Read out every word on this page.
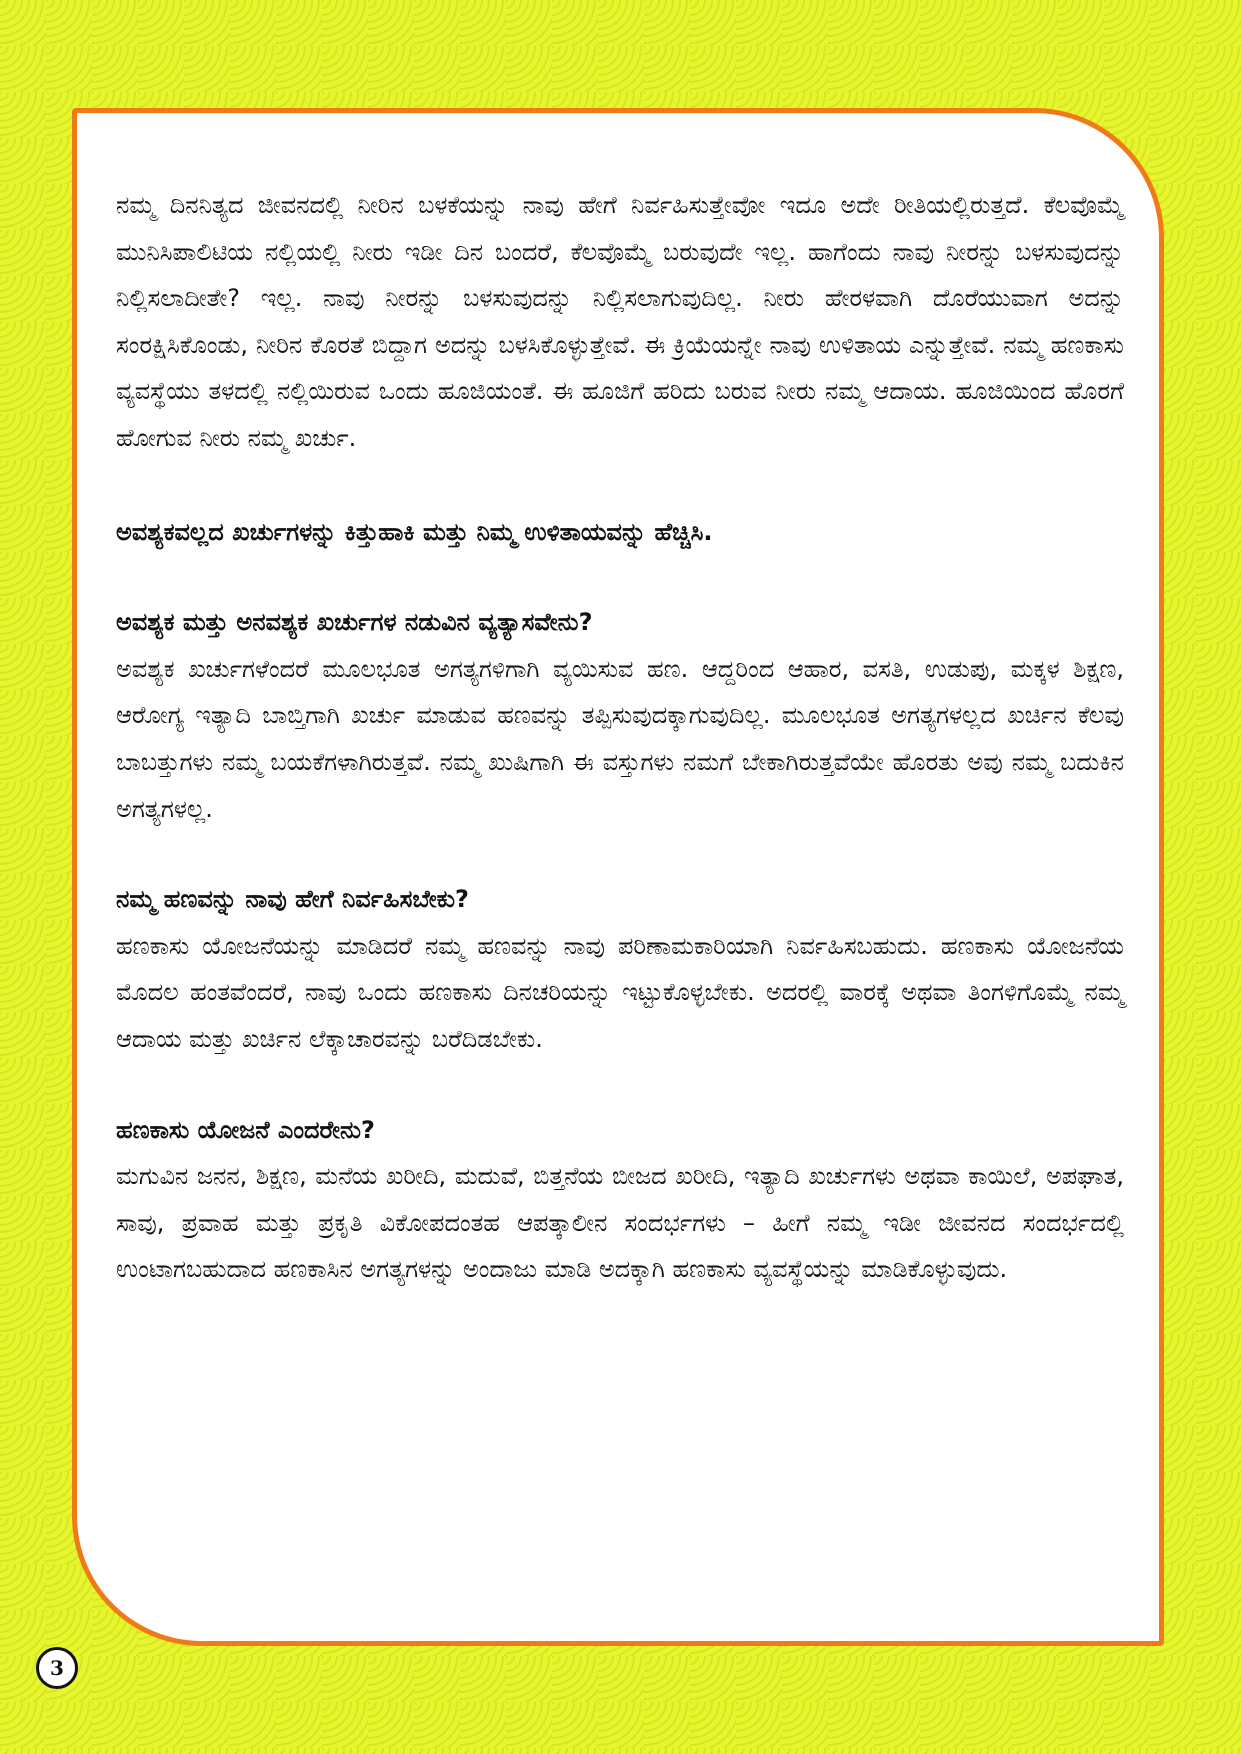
ನಮ್ಮ ದಿನನಿತ್ಯದ ಜೀವನದಲ್ಲಿ ನೀರಿನ ಬಳಕೆಯನ್ನು ನಾವು ಹೇಗೆ ನಿರ್ವಹಿಸುತ್ತೇವೋ ಇದೂ ಅದೇ ರೀತಿಯಲ್ಲಿರುತ್ತದೆ. ಕೆಲವೊಮ್ಮೆ ಮುನಿಸಿಪಾಲಿಟಿಯ ನಲ್ಲಿಯಲ್ಲಿ ನೀರು ಇಡೀ ದಿನ ಬಂದರೆ, ಕೆಲವೊಮ್ಮೆ ಬರುವುದೇ ಇಲ್ಲ. ಹಾಗೆಂದು ನಾವು ನೀರನ್ನು ಬಳಸುವುದನ್ನು ನಿಲ್ಲಿಸಲಾದೀತೇ? ಇಲ್ಲ. ನಾವು ನೀರನ್ನು ಬಳಸುವುದನ್ನು ನಿಲ್ಲಿಸಲಾಗುವುದಿಲ್ಲ. ನೀರು ಹೇರಳವಾಗಿ ದೊರೆಯುವಾಗ ಅದನ್ನು ಸಂರಕ್ಷಿಸಿಕೊಂಡು, ನೀರಿನ ಕೊರತೆ ಬಿದ್ದಾಗ ಅದನ್ನು ಬಳಸಿಕೊಳ್ಳುತ್ತೇವೆ. ಈ ಕ್ರಿಯೆಯನ್ನೇ ನಾವು ಉಳಿತಾಯ ಎನ್ನುತ್ತೇವೆ. ನಮ್ಮ ಹಣಕಾಸು ವ್ಯವಸ್ಥೆಯು ತಳದಲ್ಲಿ ನಲ್ಲಿಯಿರುವ ಒಂದು ಹೂಜಿಯಂತೆ. ಈ ಹೂಜಿಗೆ ಹರಿದು ಬರುವ ನೀರು ನಮ್ಮ ಆದಾಯ. ಹೂಜಿಯಿಂದ ಹೊರಗೆ ಹೋಗುವ ನೀರು ನಮ್ಮ ಖರ್ಚು.

ಅವಶ್ಯಕವಲ್ಲದ ಖರ್ಚುಗಳನ್ನು ಕಿತ್ತುಹಾಕಿ ಮತ್ತು ನಿಮ್ಮ ಉಳಿತಾಯವನ್ನು ಹೆಚ್ಚಿಸಿ.

ಅವಶ್ಯಕ ಮತ್ತು ಅನವಶ್ಯಕ ಖರ್ಚುಗಳ ನಡುವಿನ ವ್ಯತ್ಯಾಸವೇನು?

ಅವಶ್ಯಕ ಖರ್ಚುಗಳೆಂದರೆ ಮೂಲಭೂತ ಅಗತ್ಯಗಳಿಗಾಗಿ ವ್ಯಯಿಸುವ ಹಣ. ಆದ್ದರಿಂದ ಆಹಾರ, ವಸತಿ, ಉಡುಪು, ಮಕ್ಕಳ ಶಿಕ್ಷಣ, ಆರೋಗ್ಯ ಇತ್ಯಾದಿ ಬಾಬ್ತಿಗಾಗಿ ಖರ್ಚು ಮಾಡುವ ಹಣವನ್ನು ತಪ್ಪಿಸುವುದಕ್ಕಾಗುವುದಿಲ್ಲ. ಮೂಲಭೂತ ಅಗತ್ಯಗಳಲ್ಲದ ಖರ್ಚಿನ ಕೆಲವು ಬಾಬತ್ತುಗಳು ನಮ್ಮ ಬಯಕೆಗಳಾಗಿರುತ್ತವೆ. ನಮ್ಮ ಖುಷಿಗಾಗಿ ಈ ವಸ್ತುಗಳು ನಮಗೆ ಬೇಕಾಗಿರುತ್ತವೆಯೇ ಹೊರತು ಅವು ನಮ್ಮ ಬದುಕಿನ ಅಗತ್ಯಗಳಲ್ಲ.

ನಮ್ಮ ಹಣವನ್ನು ನಾವು ಹೇಗೆ ನಿರ್ವಹಿಸಬೇಕು?

ಹಣಕಾಸು ಯೋಜನೆಯನ್ನು ಮಾಡಿದರೆ ನಮ್ಮ ಹಣವನ್ನು ನಾವು ಪರಿಣಾಮಕಾರಿಯಾಗಿ ನಿರ್ವಹಿಸಬಹುದು. ಹಣಕಾಸು ಯೋಜನೆಯ ಮೊದಲ ಹಂತವೆಂದರೆ, ನಾವು ಒಂದು ಹಣಕಾಸು ದಿನಚರಿಯನ್ನು ಇಟ್ಟುಕೊಳ್ಳಬೇಕು. ಅದರಲ್ಲಿ ವಾರಕ್ಕೆ ಅಥವಾ ತಿಂಗಳಿಗೊಮ್ಮೆ ನಮ್ಮ ಆದಾಯ ಮತ್ತು ಖರ್ಚಿನ ಲೆಕ್ಕಾಚಾರವನ್ನು ಬರೆದಿಡಬೇಕು.

ಹಣಕಾಸು ಯೋಜನೆ ಎಂದರೇನು?

ಮಗುವಿನ ಜನನ, ಶಿಕ್ಷಣ, ಮನೆಯ ಖರೀದಿ, ಮದುವೆ, ಬಿತ್ತನೆಯ ಬೀಜದ ಖರೀದಿ, ಇತ್ಯಾದಿ ಖರ್ಚುಗಳು ಅಥವಾ ಕಾಯಿಲೆ, ಅಪಘಾತ, ಸಾವು, ಪ್ರವಾಹ ಮತ್ತು ಪ್ರಕೃತಿ ವಿಕೋಪದಂತಹ ಆಪತ್ಕಾಲೀನ ಸಂದರ್ಭಗಳು – ಹೀಗೆ ನಮ್ಮ ಇಡೀ ಜೀವನದ ಸಂದರ್ಭದಲ್ಲಿ ಉಂಟಾಗಬಹುದಾದ ಹಣಕಾಸಿನ ಅಗತ್ಯಗಳನ್ನು ಅಂದಾಜು ಮಾಡಿ ಅದಕ್ಕಾಗಿ ಹಣಕಾಸು ವ್ಯವಸ್ಥೆಯನ್ನು ಮಾಡಿಕೊಳ್ಳುವುದು.

3
